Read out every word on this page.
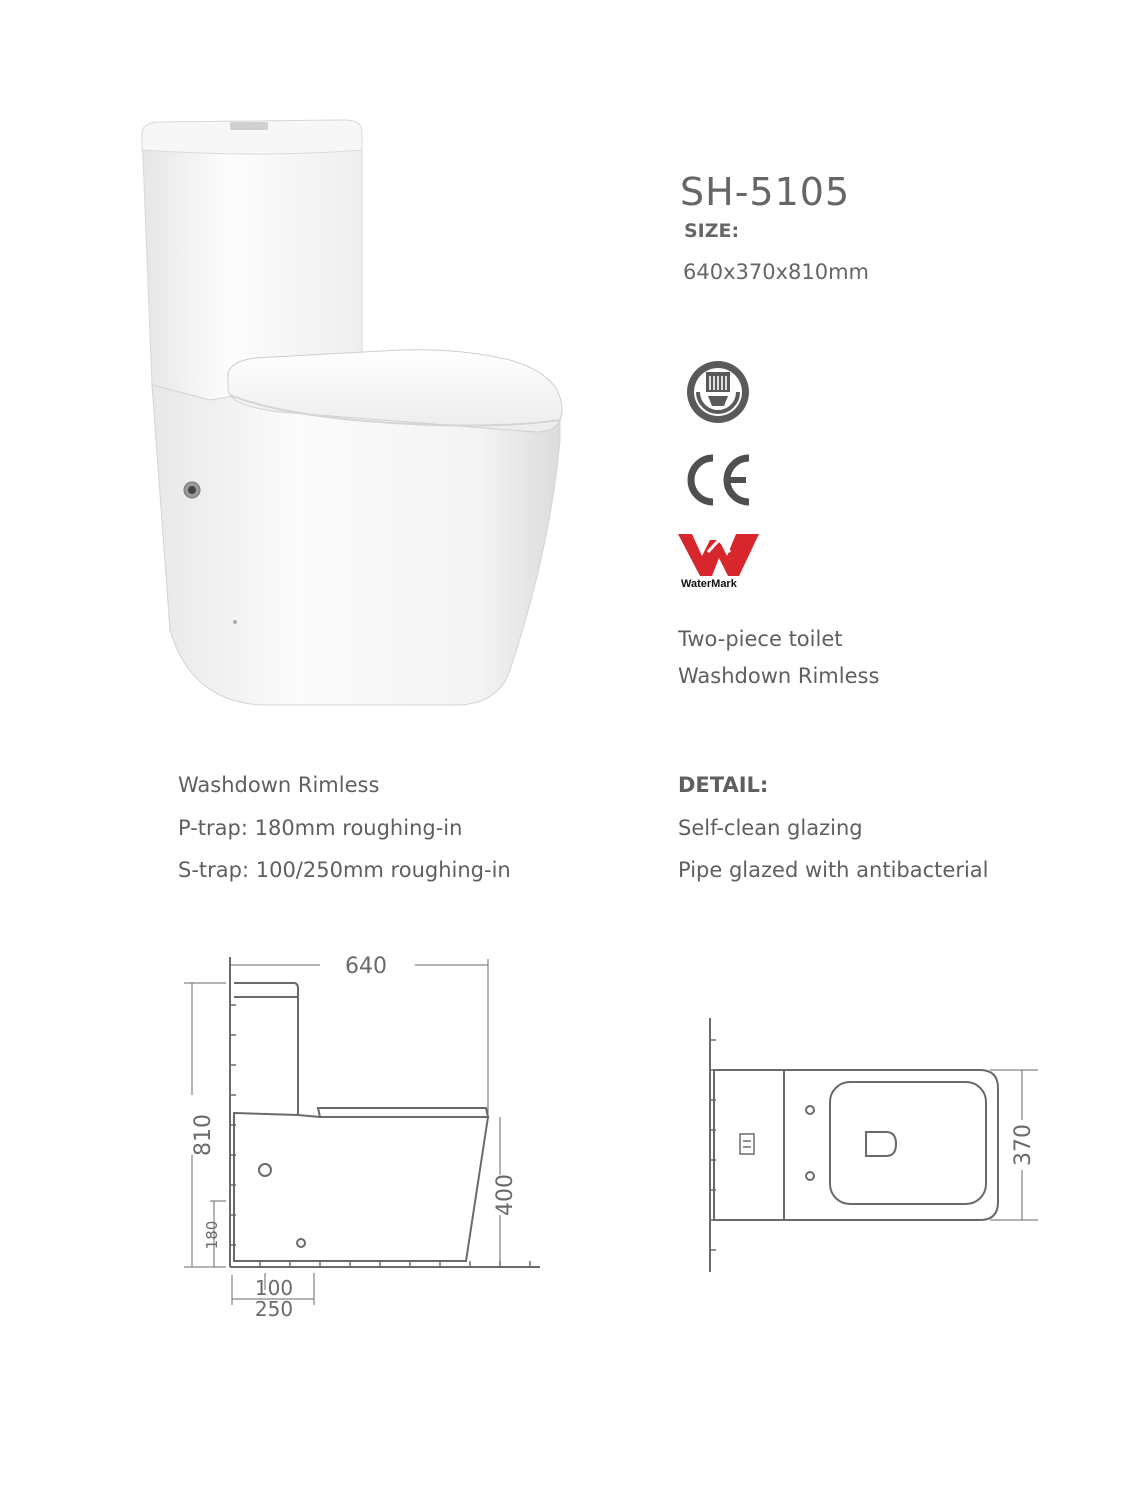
SH-5105
SIZE:
640x370x810mm
WaterMark
Two-piece toilet
Washdown Rimless
Washdown Rimless
P-trap: 180mm roughing-in
S-trap: 100/250mm roughing-in
DETAIL:
Self-clean glazing
Pipe glazed with antibacterial
640
810
400
180
100
250
370
